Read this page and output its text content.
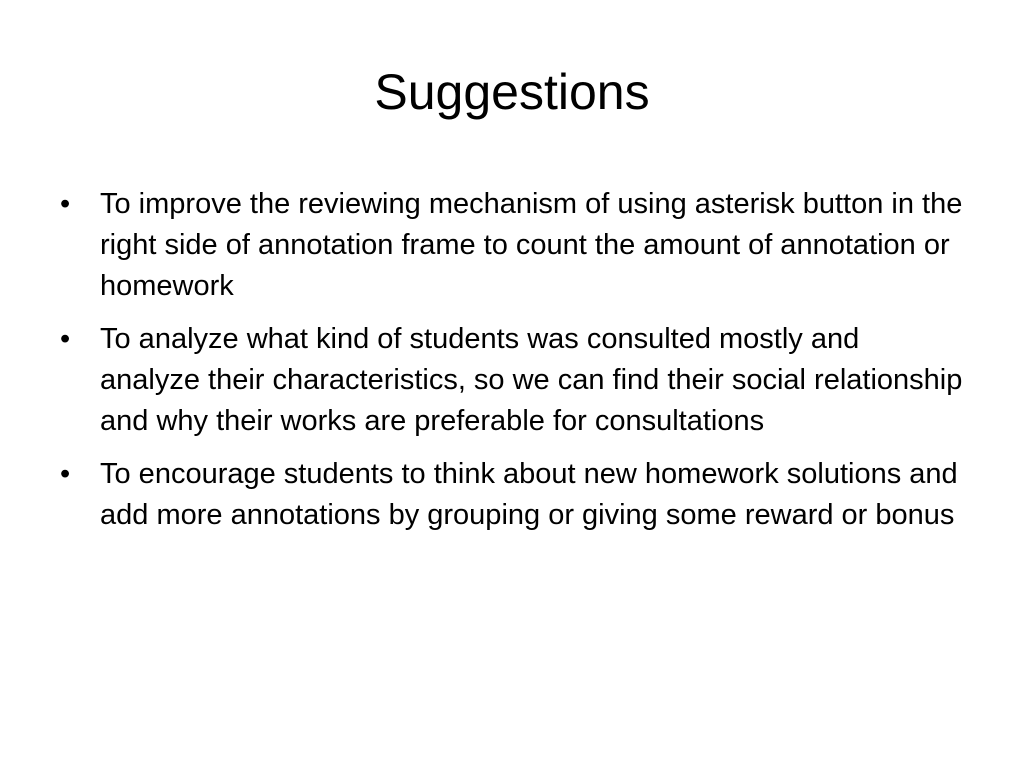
Suggestions
•	To improve the reviewing mechanism of using asterisk button in the right side of annotation frame to count the amount of annotation or homework
•	To analyze what kind of students was consulted mostly and analyze their characteristics, so we can find their social relationship and why their works are preferable for consultations
•	To encourage students to think about new homework solutions and add more annotations by grouping or giving some reward or bonus
